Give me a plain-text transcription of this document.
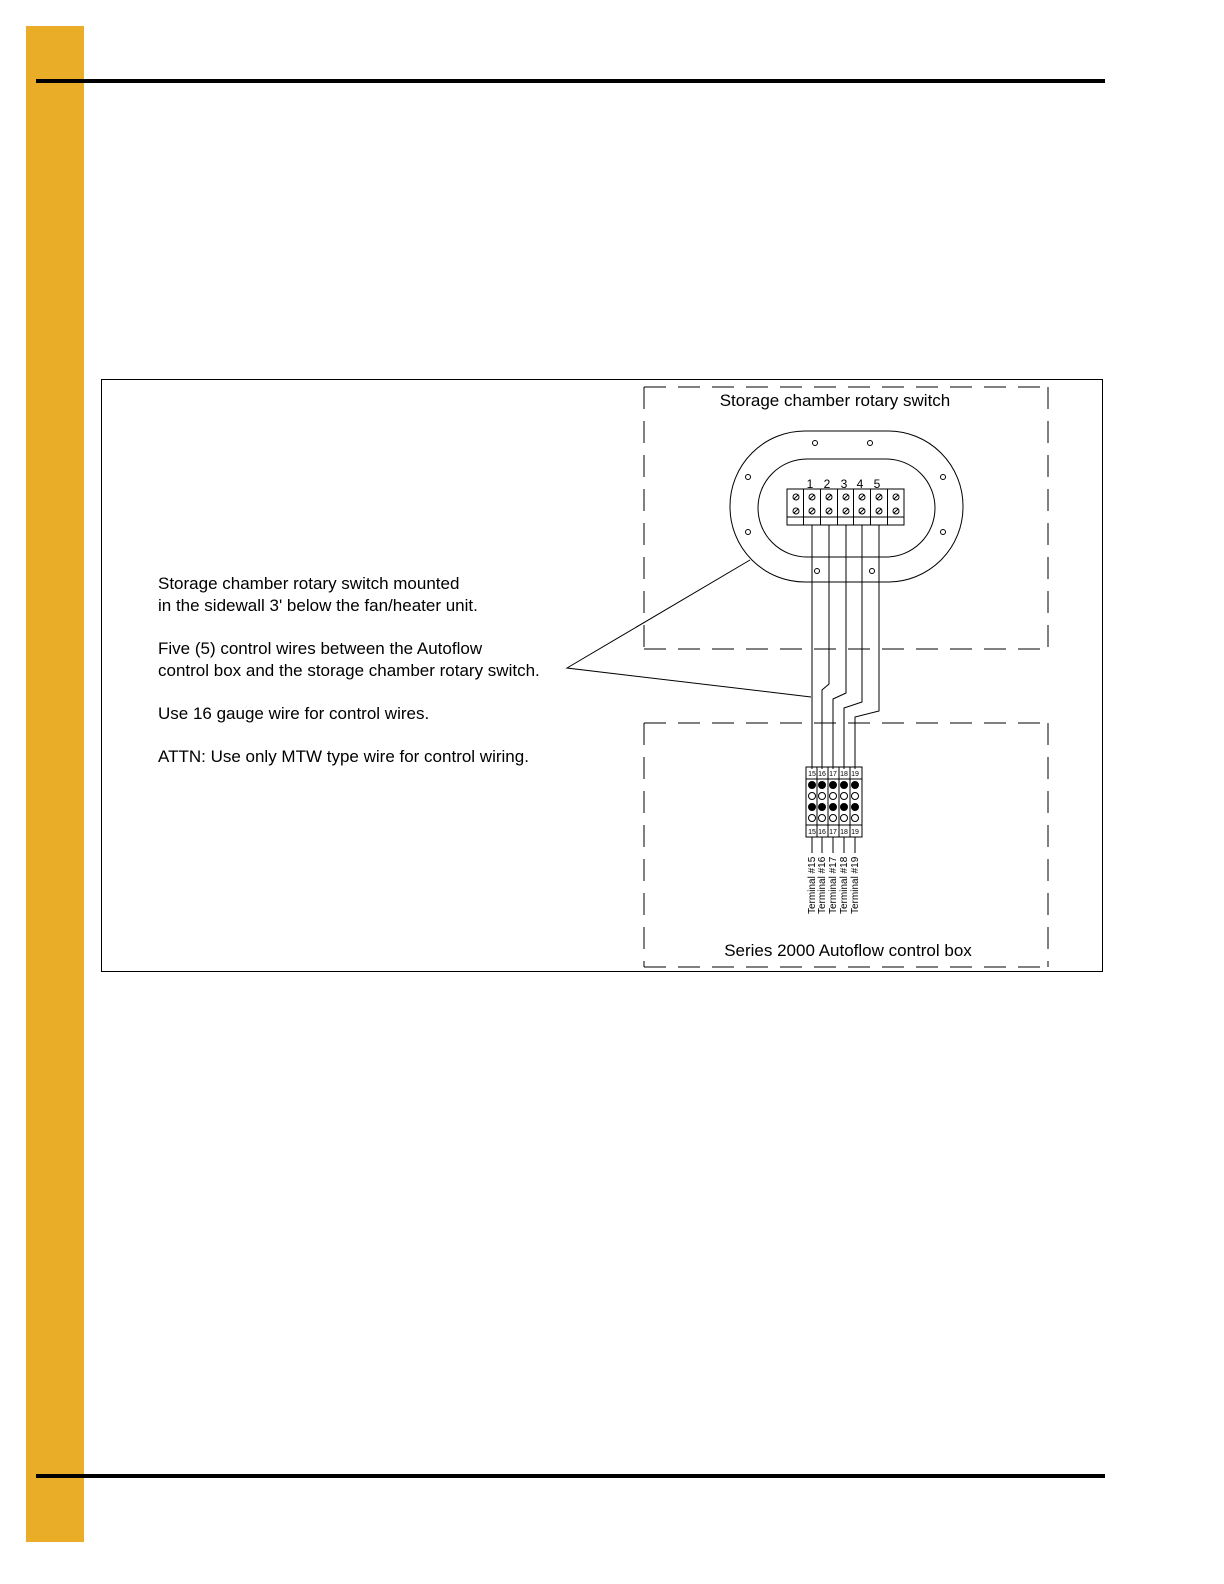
Storage chamber rotary switch mounted
in the sidewall 3' below the fan/heater unit.

Five (5) control wires between the Autoflow
control box and the storage chamber rotary switch.

Use 16 gauge wire for control wires.

ATTN: Use only MTW type wire for control wiring.

Storage chamber rotary switch
Series 2000 Autoflow control box
1 2 3 4 5
15
15
16
16
17
17
18
18
19
19
Terminal #15 Terminal #16 Terminal #17 Terminal #18 Terminal #19
